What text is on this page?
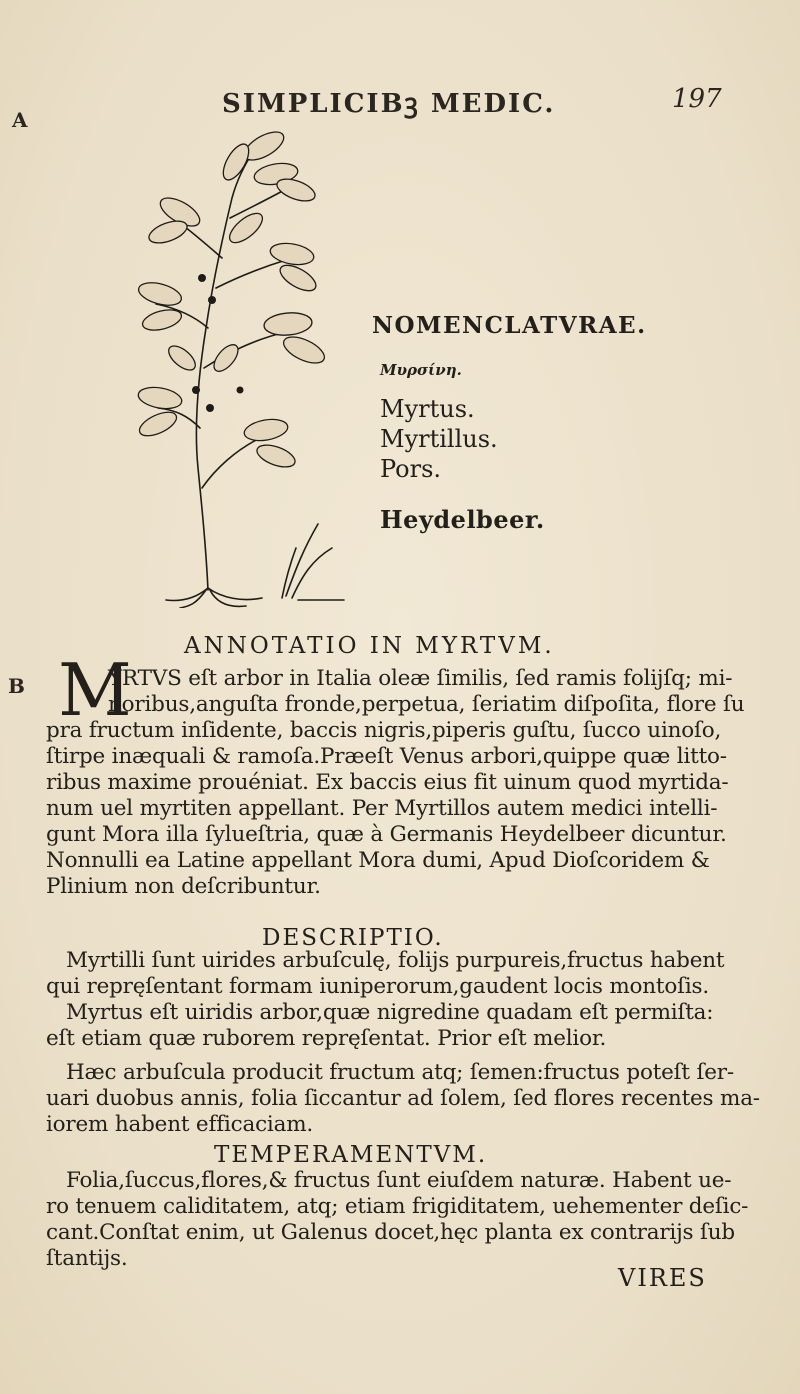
SIMPLICIBꝫ MEDIC.	197
A
B
NOMENCLATVRAE.
Μυρσίνη.
Myrtus.
Myrtillus.
Pors.
Heydelbeer.
ANNOTATIO IN MYRTVM.
M

YRTVS eſt arbor in Italia oleæ ſimilis, ſed ramis folijſq; mi-

noribus,anguſta fronde,perpetua, ſeriatim diſpoſita, flore ſu

pra fructum inſidente, baccis nigris,piperis guſtu, ſucco uinoſo,

ſtirpe inæquali & ramoſa.Præeſt Venus arbori,quippe quæ litto-

ribus maxime prouéniat. Ex baccis eius fit uinum quod myrtida-

num uel myrtiten appellant. Per Myrtillos autem medici intelli-

gunt Mora illa ſylueſtria, quæ à Germanis Heydelbeer dicuntur.

Nonnulli ea Latine appellant Mora dumi, Apud Dioſcoridem &

Plinium non deſcribuntur.

DESCRIPTIO.

Myrtilli ſunt uirides arbuſculę, folijs purpureis,fructus habent

qui repręſentant formam iuniperorum,gaudent locis montoſis.

Myrtus eſt uiridis arbor,quæ nigredine quadam eſt permiſta:

eſt etiam quæ ruborem repręſentat. Prior eſt melior.

Hæc arbuſcula producit fructum atq; ſemen:fructus poteſt ſer-

uari duobus annis, folia ſiccantur ad ſolem, ſed flores recentes ma-

iorem habent efficaciam.

TEMPERAMENTVM.

Folia,ſuccus,flores,& fructus ſunt eiuſdem naturæ. Habent ue-

ro tenuem caliditatem, atq; etiam frigiditatem, uehementer deſic-

cant.Conſtat enim, ut Galenus docet,hęc planta ex contrarijs ſub

ſtantijs.

VIRES
